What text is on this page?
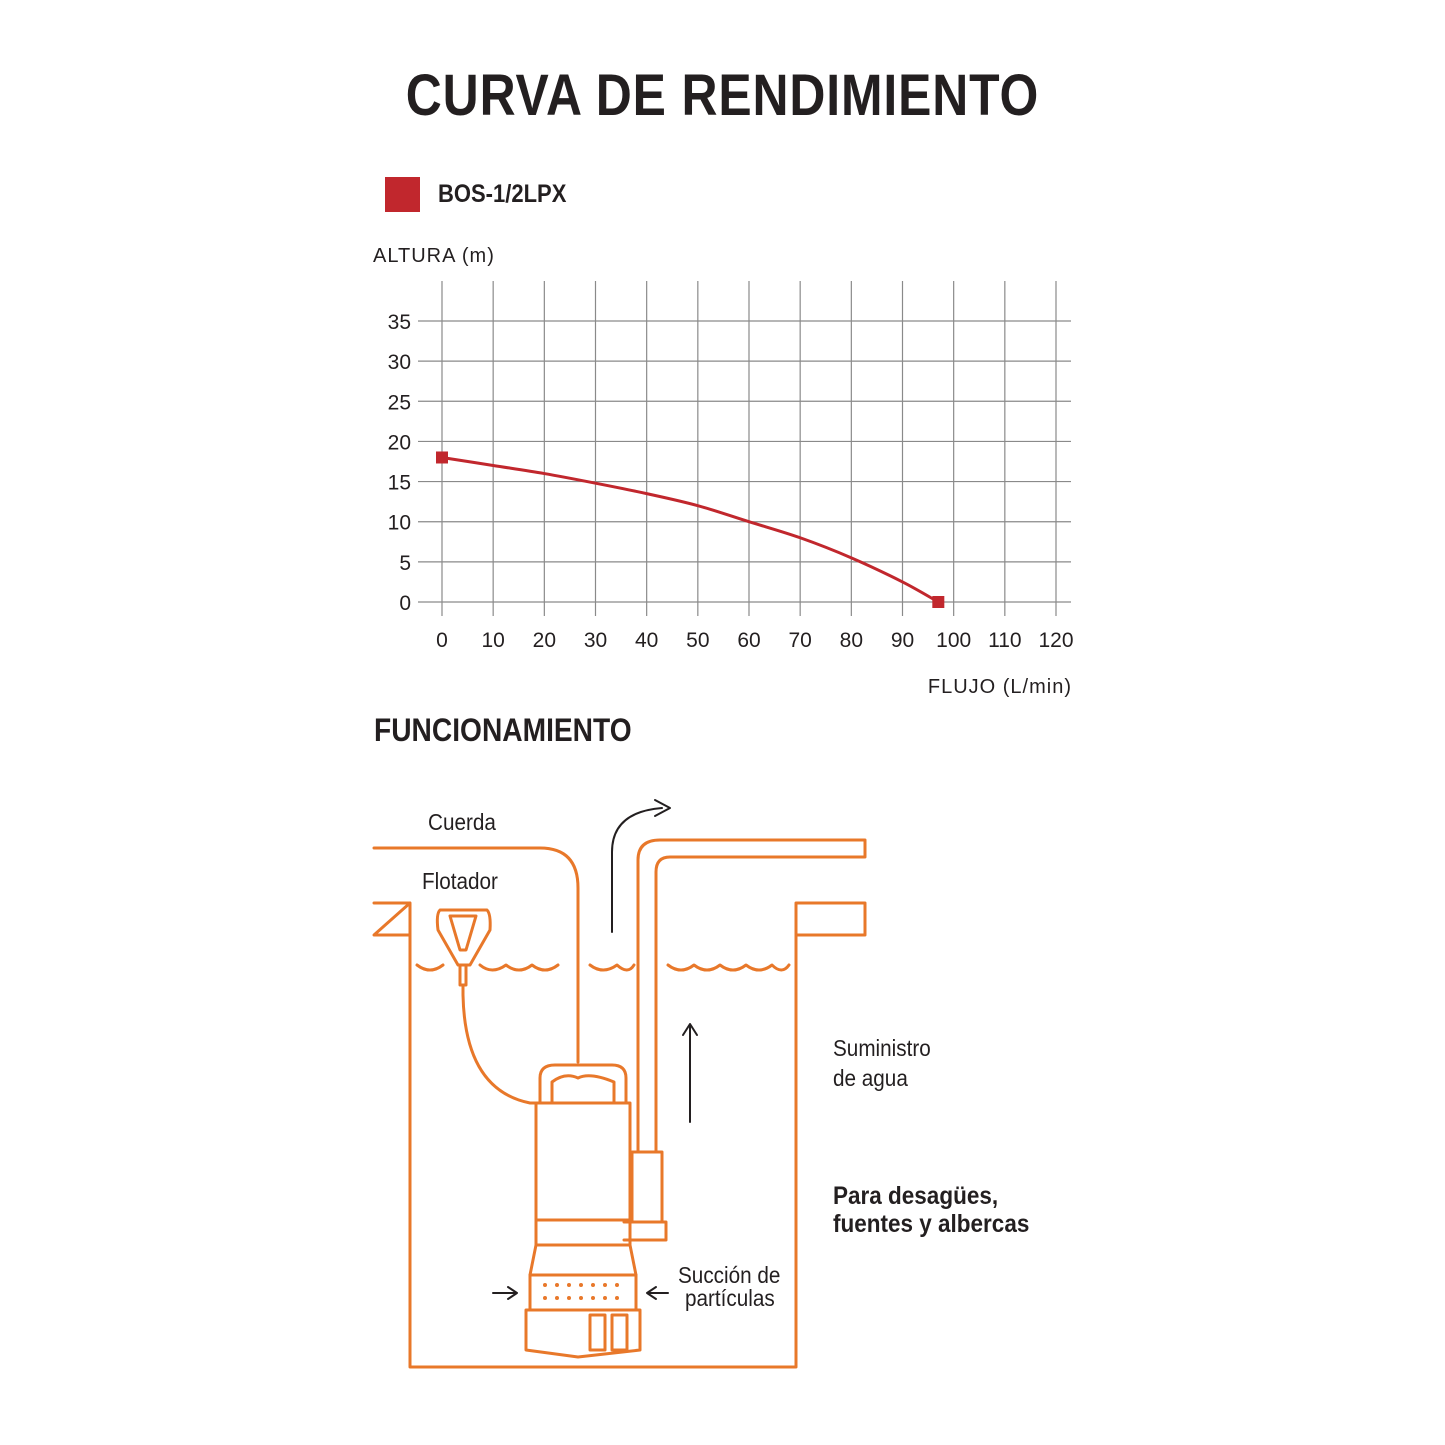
CURVA DE RENDIMIENTO
BOS-1/2LPX
ALTURA (m)
FLUJO (L/min)
0 10 20 30 40 50 60 70 80 90 100 110 120
0
5
10
15
20
25
30
35
FUNCIONAMIENTO
Cuerda
Flotador
Suministro
de agua
Succión de
partículas
Para desagües,
fuentes y albercas
